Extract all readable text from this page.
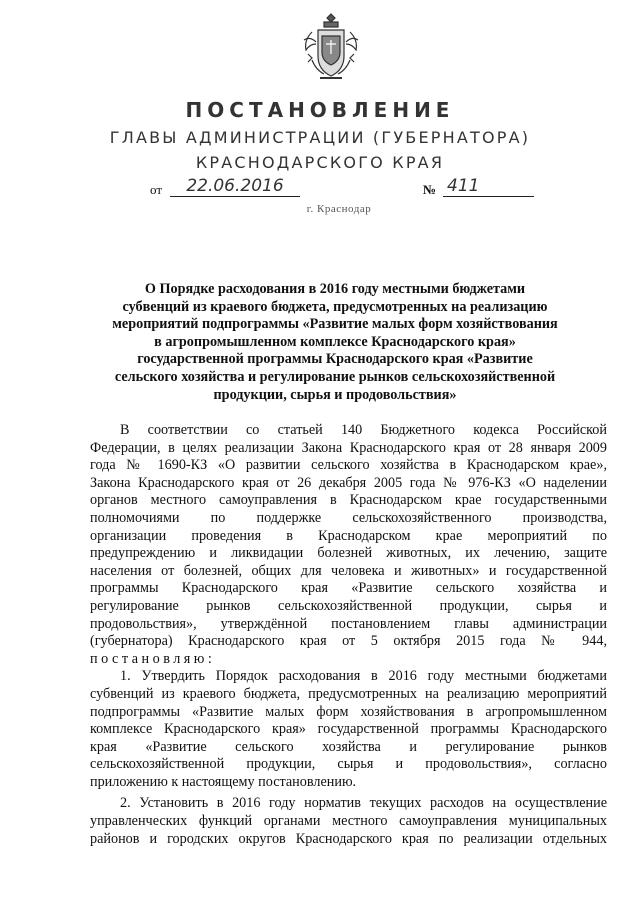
ПОСТАНОВЛЕНИЕ
ГЛАВЫ АДМИНИСТРАЦИИ (ГУБЕРНАТОРА)
КРАСНОДАРСКОГО КРАЯ
от	22.06.2016	№ 411
г. Краснодар
О Порядке расходования в 2016 году местными бюджетами
субвенций из краевого бюджета, предусмотренных на реализацию
мероприятий подпрограммы «Развитие малых форм хозяйствования
в агропромышленном комплексе Краснодарского края»
государственной программы Краснодарского края «Развитие
сельского хозяйства и регулирование рынков сельскохозяйственной
продукции, сырья и продовольствия»
В соответствии со статьей 140 Бюджетного кодекса Российской
Федерации, в целях реализации Закона Краснодарского края от 28 января 2009
года № 1690-КЗ «О развитии сельского хозяйства в Краснодарском крае»,
Закона Краснодарского края от 26 декабря 2005 года № 976-КЗ «О наделении
органов местного самоуправления в Краснодарском крае государственными
полномочиями по поддержке сельскохозяйственного производства,
организации проведения в Краснодарском крае мероприятий по
предупреждению и ликвидации болезней животных, их лечению, защите
населения от болезней, общих для человека и животных» и государственной
программы Краснодарского края «Развитие сельского хозяйства и
регулирование рынков сельскохозяйственной продукции, сырья и
продовольствия», утверждённой постановлением главы администрации
(губернатора) Краснодарского края от 5 октября 2015 года № 944,
постановляю:
1. Утвердить Порядок расходования в 2016 году местными бюджетами
субвенций из краевого бюджета, предусмотренных на реализацию мероприятий
подпрограммы «Развитие малых форм хозяйствования в агропромышленном
комплексе Краснодарского края» государственной программы Краснодарского
края «Развитие сельского хозяйства и регулирование рынков
сельскохозяйственной продукции, сырья и продовольствия», согласно
приложению к настоящему постановлению.
2. Установить в 2016 году норматив текущих расходов на осуществление
управленческих функций органами местного самоуправления муниципальных
районов и городских округов Краснодарского края по реализации отдельных
